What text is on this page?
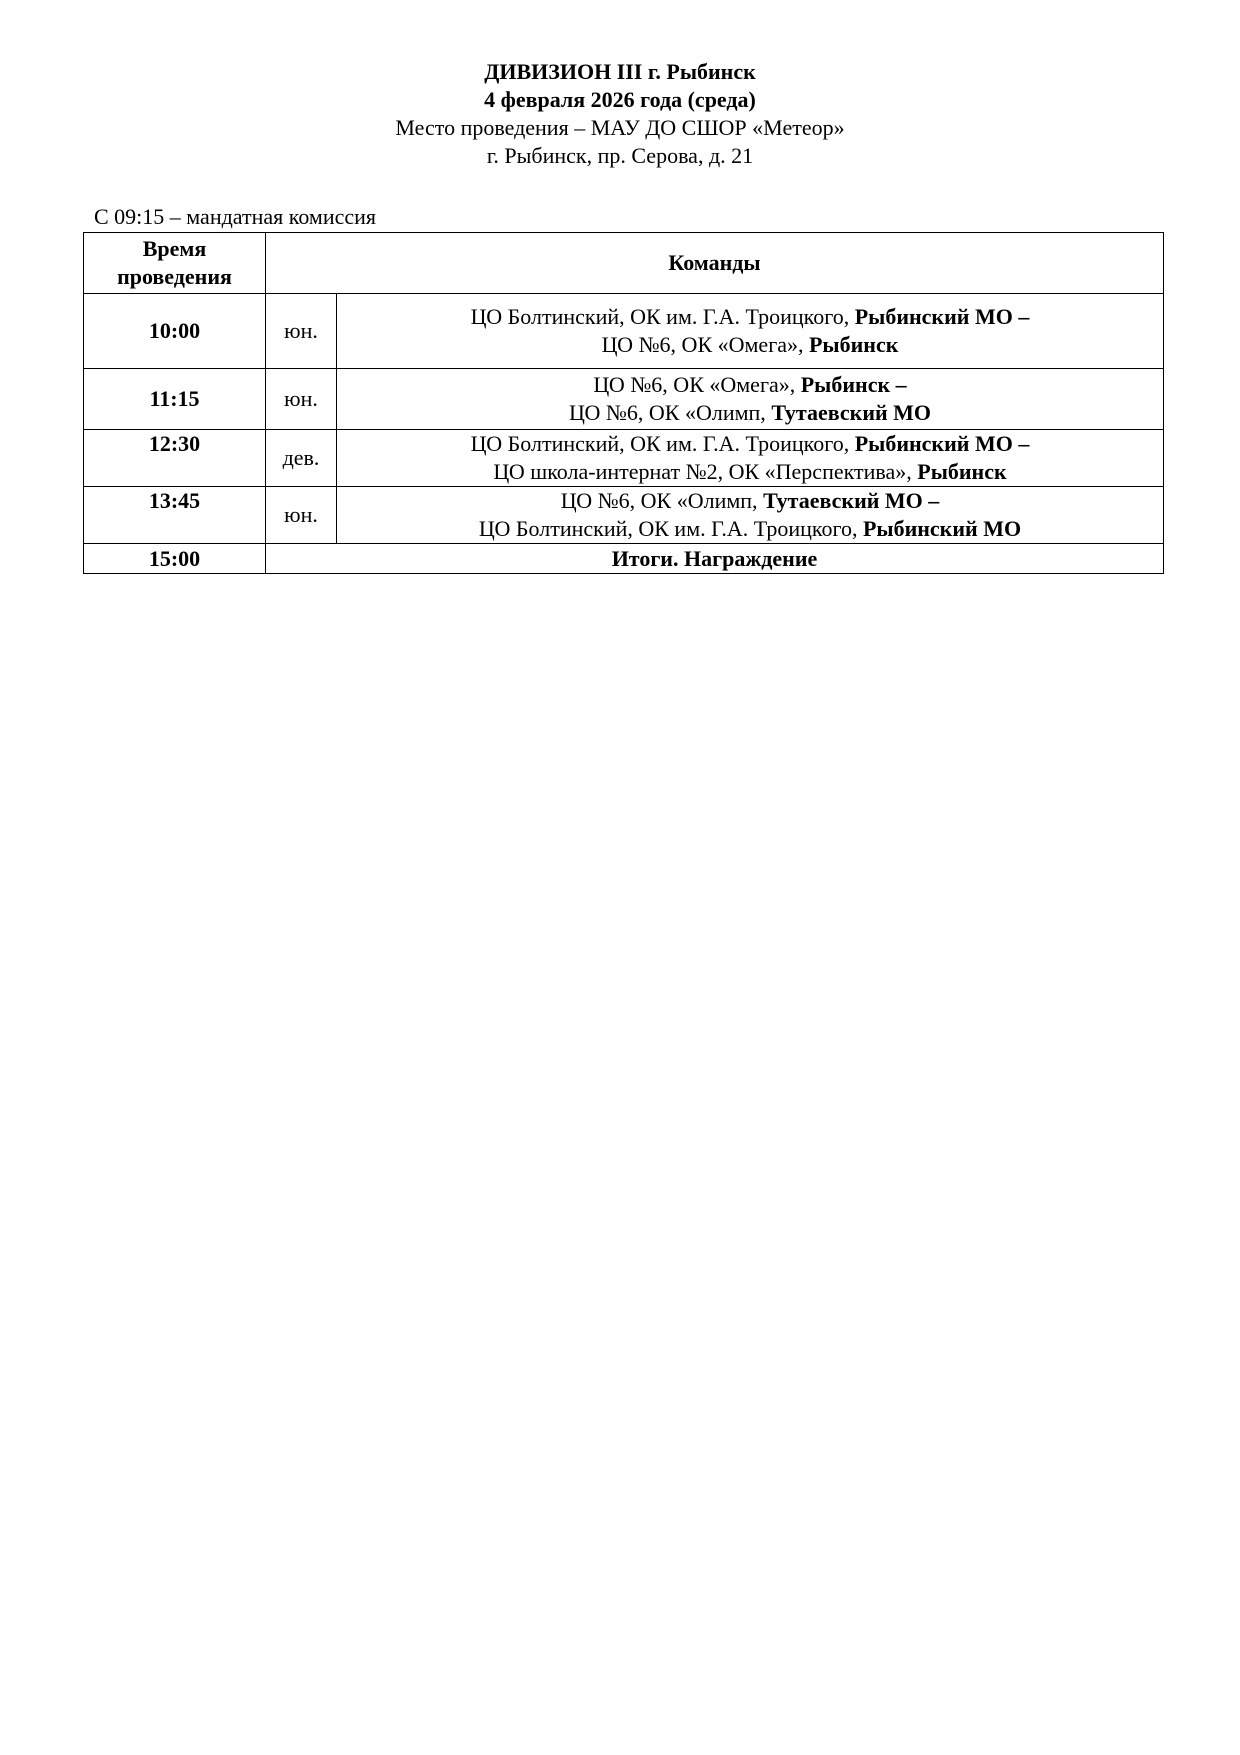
ДИВИЗИОН III г. Рыбинск
4 февраля 2026 года (среда)
Место проведения – МАУ ДО СШОР «Метеор»
г. Рыбинск, пр. Серова, д. 21
С 09:15 – мандатная комиссия
Время
проведения	Команды	
10:00	юн.	ЦО Болтинский, ОК им. Г.А. Троицкого, Рыбинский МО –
ЦО №6, ОК «Омега», Рыбинск

11:15	юн.	ЦО №6, ОК «Омега», Рыбинск –
ЦО №6, ОК «Олимп, Тутаевский МО

12:30	дев.	ЦО Болтинский, ОК им. Г.А. Троицкого, Рыбинский МО –
ЦО школа-интернат №2, ОК «Перспектива», Рыбинск

13:45	юн.	ЦО №6, ОК «Олимп, Тутаевский МО –
ЦО Болтинский, ОК им. Г.А. Троицкого, Рыбинский МО

15:00	Итоги. Награждение	
